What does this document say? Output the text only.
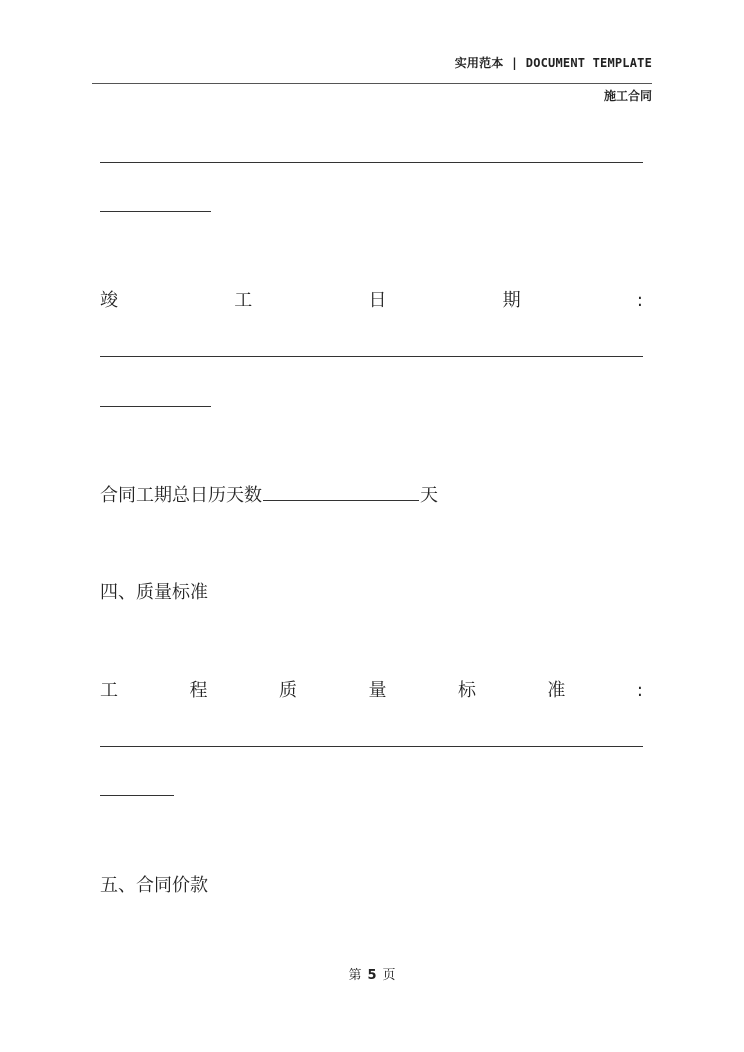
实用范本 | DOCUMENT TEMPLATE
施工合同
竣	工	日	期	:
合同工期总日历天数	天
四、质量标准
工	程	质	量	标	准	:
五、合同价款
第 5 页
